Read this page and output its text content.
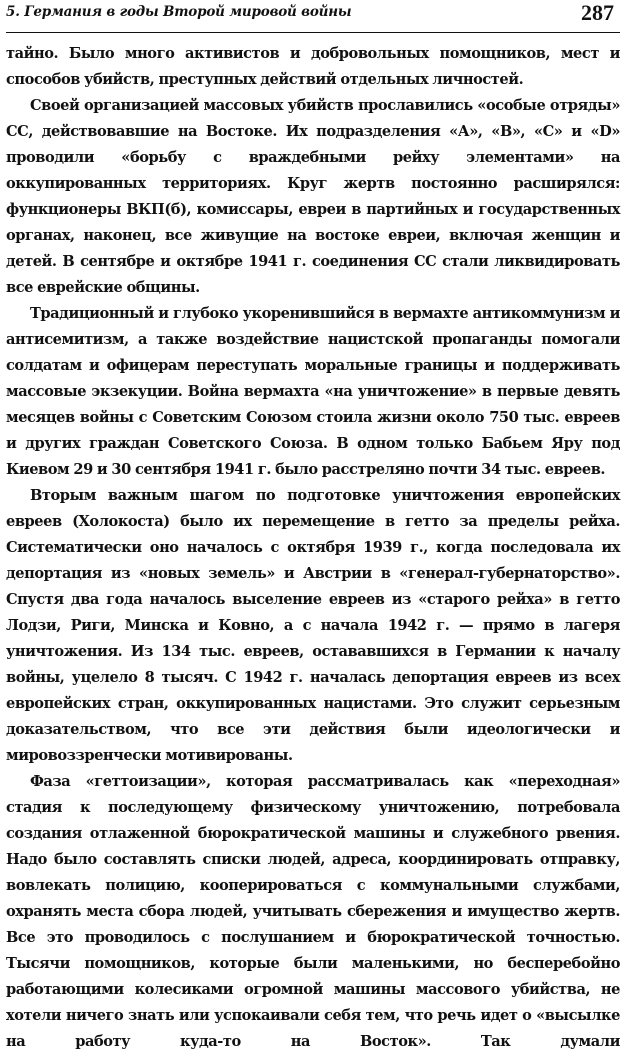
5. Германия в годы Второй мировой войны	287

тайно. Было много активистов и добровольных помощников, мест и способов убийств, преступных действий отдельных личностей.

Своей организацией массовых убийств прославились «особые отряды» СС, действовавшие на Востоке. Их подразделения «А», «В», «С» и «D» проводили «борьбу с враждебными рейху элементами» на оккупированных территориях. Круг жертв постоянно расширялся: функционеры ВКП(б), комиссары, евреи в партийных и государственных органах, наконец, все живущие на востоке евреи, включая женщин и детей. В сентябре и октябре 1941 г. соединения СС стали ликвидировать все еврейские общины.

Традиционный и глубоко укоренившийся в вермахте антикоммунизм и антисемитизм, а также воздействие нацистской пропаганды помогали солдатам и офицерам переступать моральные границы и поддерживать массовые экзекуции. Война вермахта «на уничтожение» в первые девять месяцев войны с Советским Союзом стоила жизни около 750 тыс. евреев и других граждан Советского Союза. В одном только Бабьем Яру под Киевом 29 и 30 сентября 1941 г. было расстреляно почти 34 тыс. евреев.

Вторым важным шагом по подготовке уничтожения европейских евреев (Холокоста) было их перемещение в гетто за пределы рейха. Систематически оно началось с октября 1939 г., когда последовала их депортация из «новых земель» и Австрии в «генерал-губернаторство». Спустя два года началось выселение евреев из «старого рейха» в гетто Лодзи, Риги, Минска и Ковно, а с начала 1942 г. — прямо в лагеря уничтожения. Из 134 тыс. евреев, остававшихся в Германии к началу войны, уцелело 8 тысяч. С 1942 г. началась депортация евреев из всех европейских стран, оккупированных нацистами. Это служит серьезным доказательством, что все эти действия были идеологически и мировоззренчески мотивированы.

Фаза «геттоизации», которая рассматривалась как «переходная» стадия к последующему физическому уничтожению, потребовала создания отлаженной бюрократической машины и служебного рвения. Надо было составлять списки людей, адреса, координировать отправку, вовлекать полицию, кооперироваться с коммунальными службами, охранять места сбора людей, учитывать сбережения и имущество жертв. Все это проводилось с послушанием и бюрократической точностью. Тысячи помощников, которые были маленькими, но бесперебойно работающими колесиками огромной машины массового убийства, не хотели ничего знать или успокаивали себя тем, что речь идет о «высылке на работу куда-то на Восток». Так думали
